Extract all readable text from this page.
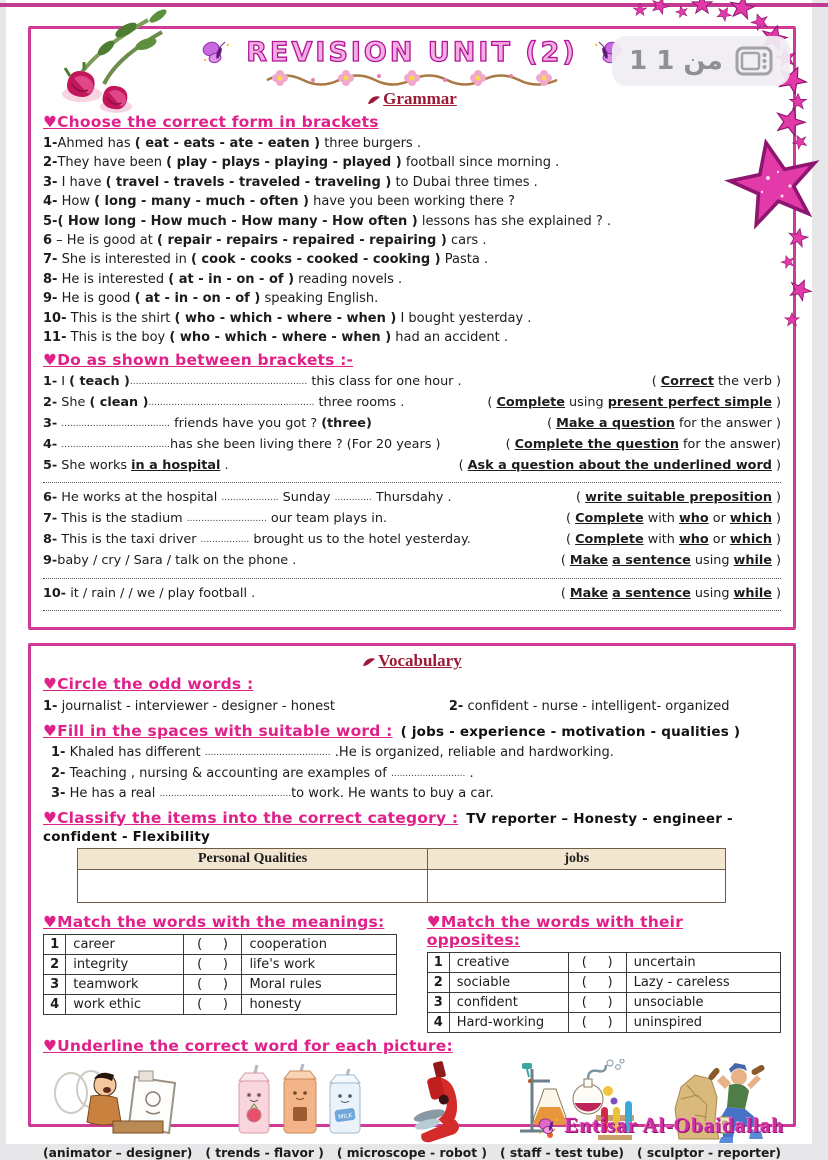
REVISION UNIT (2)
Grammar
♥Choose the correct form in brackets
1-Ahmed has ( eat - eats - ate - eaten ) three burgers .
2-They have been ( play - plays - playing - played ) football since morning .
3- I have ( travel - travels - traveled - traveling ) to Dubai three times .
4- How ( long - many - much - often ) have you been working there ?
5-( How long - How much - How many - How often ) lessons has she explained ? .
6 – He is good at ( repair - repairs - repaired - repairing ) cars .
7- She is interested in ( cook - cooks - cooked - cooking ) Pasta .
8- He is interested ( at - in - on - of ) reading novels .
9- He is good ( at - in - on - of ) speaking English.
10- This is the shirt ( who - which - where - when ) I bought yesterday .
11- This is the boy ( who - which - where - when ) had an accident .
♥Do as shown between brackets :-
1- I ( teach ).............................................................. this class for one hour .	( Correct the verb )
2- She ( clean ).......................................................... three rooms .	( Complete using present perfect simple )
3- ...................................... friends have you got ? (three)	( Make a question for the answer )
4- ......................................has she been living there ? (For 20 years )	( Complete the question for the answer)
5- She works in a hospital .	( Ask a question about the underlined word )
6- He works at the hospital .................... Sunday ............. Thursdahy .	( write suitable preposition )
7- This is the stadium ............................ our team plays in.	( Complete with who or which )
8- This is the taxi driver ................. brought us to the hotel yesterday.	( Complete with who or which )
9-baby / cry / Sara / talk on the phone .	( Make a sentence using while )
10- it / rain / / we / play football .	( Make a sentence using while )
Vocabulary
♥Circle the odd words :
1- journalist - interviewer - designer - honest	2- confident - nurse - intelligent- organized
♥Fill in the spaces with suitable word : ( jobs - experience - motivation - qualities )
1- Khaled has different ............................................ .He is organized, reliable and hardworking.
2- Teaching , nursing & accounting are examples of .......................... .
3- He has a real ..............................................to work. He wants to buy a car.
♥Classify the items into the correct category : TV reporter – Honesty - engineer - confident - Flexibility
Personal Qualities	jobs

♥Match the words with the meanings:
1	career	(     )	cooperation
2	integrity	(     )	life's work
3	teamwork	(     )	Moral rules
4	work ethic	(     )	honesty
♥Match the words with their opposites:
1	creative	(     )	uncertain
2	sociable	(     )	Lazy - careless
3	confident	(     )	unsociable
4	Hard-working	(     )	uninspired
♥Underline the correct word for each picture:
MILK
(animator – designer) ( trends - flavor ) ( microscope - robot ) ( staff - test tube) ( sculptor - reporter)
Entisar Al-Obaidallah
1 من 1
